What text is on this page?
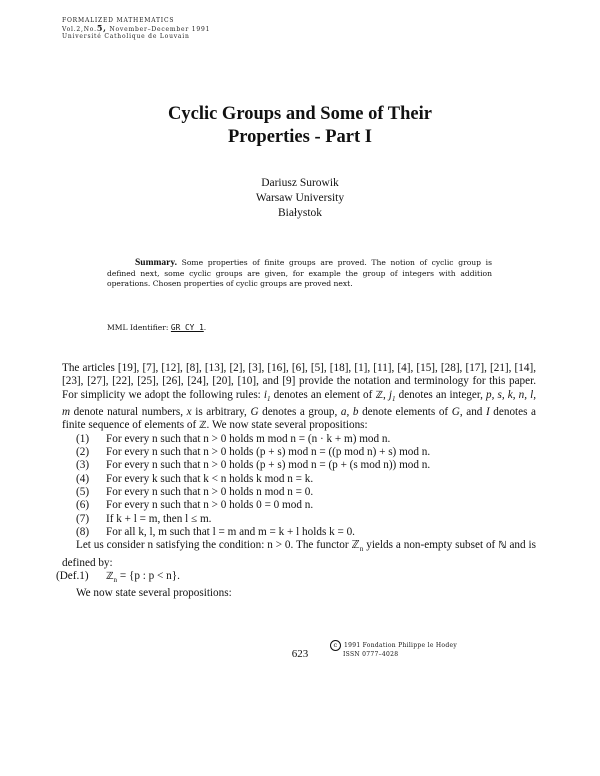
FORMALIZED MATHEMATICS
Vol.2,No.5, November–December 1991
Université Catholique de Louvain
Cyclic Groups and Some of Their
Properties - Part I
Dariusz Surowik
Warsaw University
Białystok
Summary. Some properties of finite groups are proved. The notion of cyclic group is defined next, some cyclic groups are given, for example the group of integers with addition operations. Chosen properties of cyclic groups are proved next.
MML Identifier: GR_CY_1.

The articles [19], [7], [12], [8], [13], [2], [3], [16], [6], [5], [18], [1], [11], [4], [15], [28], [17], [21], [14], [23], [27], [22], [25], [26], [24], [20], [10], and [9] provide the notation and terminology for this paper. For simplicity we adopt the following rules: $i_1$ denotes an element of ℤ, $j_1$ denotes an integer, p, s, k, n, l, m denote natural numbers, x is arbitrary, G denotes a group, a, b denote elements of G, and I denotes a finite sequence of elements of ℤ. We now state several propositions:

(1) For every n such that n > 0 holds m mod n = (n · k + m) mod n.
(2) For every n such that n > 0 holds (p + s) mod n = ((p mod n) + s) mod n.
(3) For every n such that n > 0 holds (p + s) mod n = (p + (s mod n)) mod n.
(4) For every k such that k < n holds k mod n = k.
(5) For every n such that n > 0 holds n mod n = 0.
(6) For every n such that n > 0 holds 0 = 0 mod n.
(7) If k + l = m, then l ≤ m.
(8) For all k, l, m such that l = m and m = k + l holds k = 0.

Let us consider n satisfying the condition: n > 0. The functor ℤ$_n$ yields a non-empty subset of ℕ and is defined by:

(Def.1) ℤ$_n$ = {p : p < n}.

We now state several propositions:

623
c 1991 Fondation Philippe le Hodey
ISSN 0777–4028
